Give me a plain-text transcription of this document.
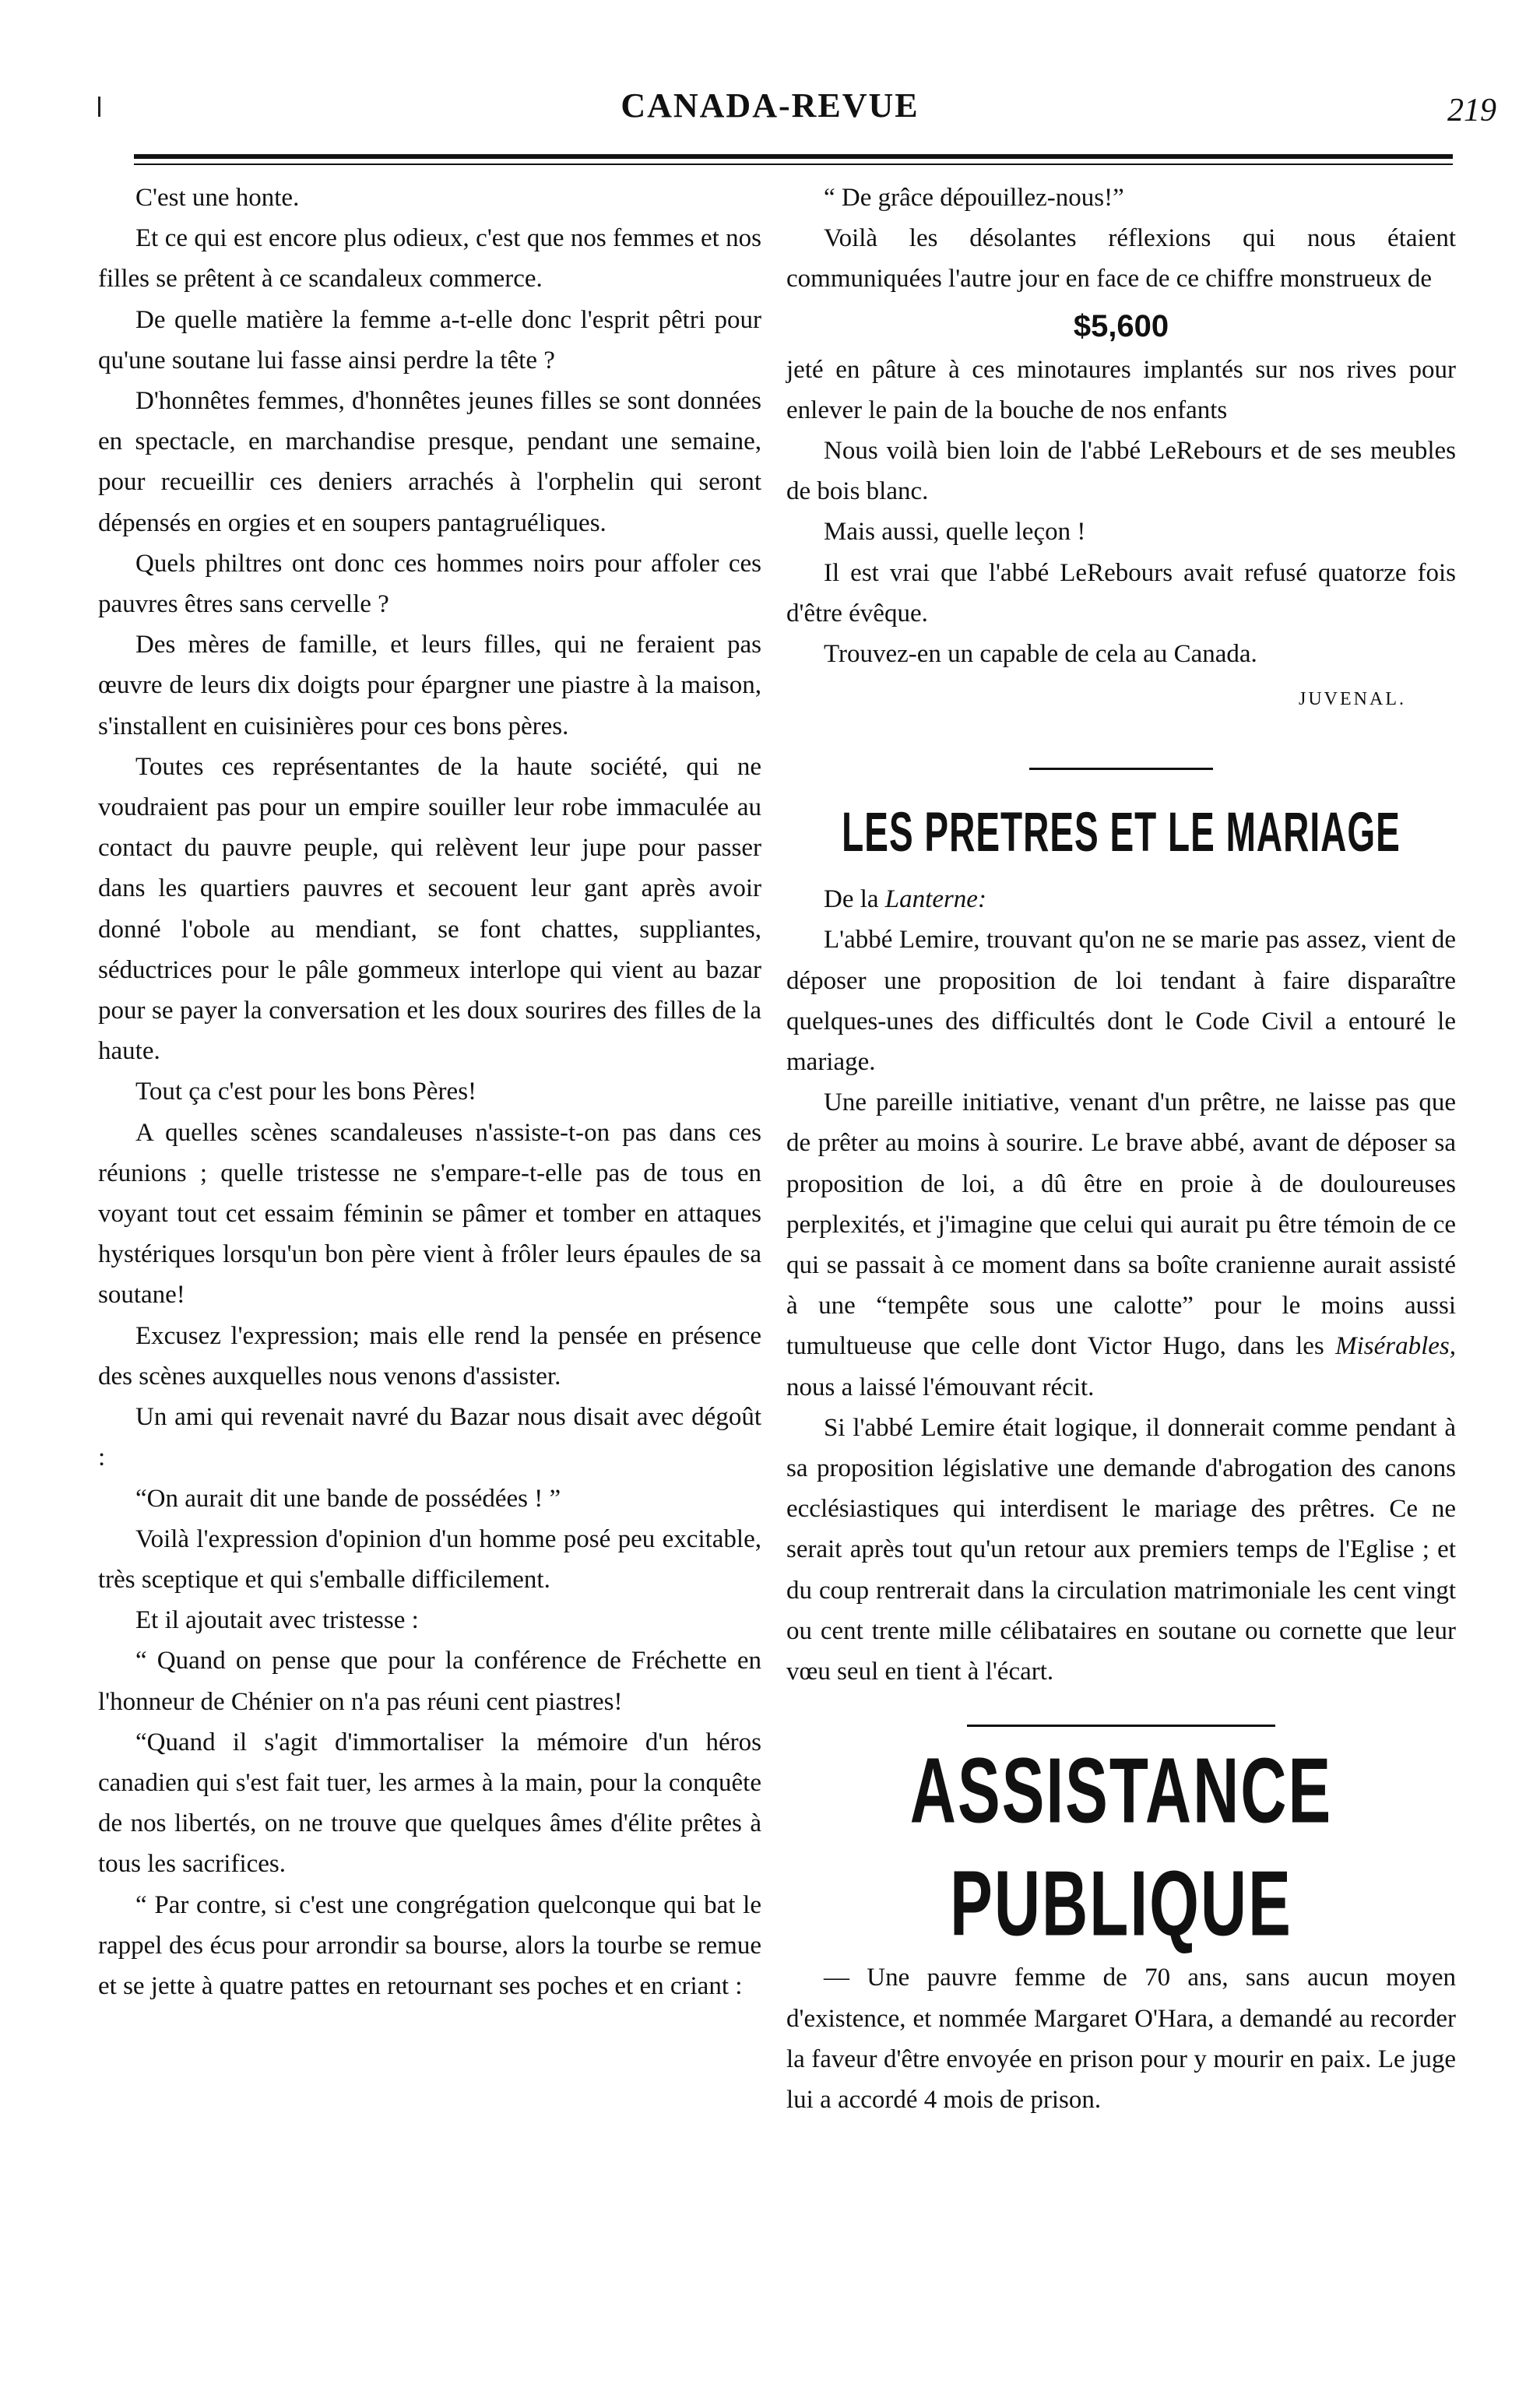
CANADA-REVUE	219

C'est une honte.

Et ce qui est encore plus odieux, c'est que nos femmes et nos filles se prêtent à ce scandaleux commerce.

De quelle matière la femme a-t-elle donc l'esprit pêtri pour qu'une soutane lui fasse ainsi perdre la tête ?

D'honnêtes femmes, d'honnêtes jeunes filles se sont données en spectacle, en marchandise presque, pendant une semaine, pour recueillir ces deniers arrachés à l'orphelin qui seront dépensés en orgies et en soupers pantagruéliques.

Quels philtres ont donc ces hommes noirs pour affoler ces pauvres êtres sans cervelle ?

Des mères de famille, et leurs filles, qui ne feraient pas œuvre de leurs dix doigts pour épargner une piastre à la maison, s'installent en cuisinières pour ces bons pères.

Toutes ces représentantes de la haute société, qui ne voudraient pas pour un empire souiller leur robe immaculée au contact du pauvre peuple, qui relèvent leur jupe pour passer dans les quartiers pauvres et secouent leur gant après avoir donné l'obole au mendiant, se font chattes, suppliantes, séductrices pour le pâle gommeux interlope qui vient au bazar pour se payer la conversation et les doux sourires des filles de la haute.

Tout ça c'est pour les bons Pères!

A quelles scènes scandaleuses n'assiste-t-on pas dans ces réunions ; quelle tristesse ne s'empare-t-elle pas de tous en voyant tout cet essaim féminin se pâmer et tomber en attaques hystériques lorsqu'un bon père vient à frôler leurs épaules de sa soutane!

Excusez l'expression; mais elle rend la pensée en présence des scènes auxquelles nous venons d'assister.

Un ami qui revenait navré du Bazar nous disait avec dégoût :

“On aurait dit une bande de possédées ! ”

Voilà l'expression d'opinion d'un homme posé peu excitable, très sceptique et qui s'emballe difficilement.

Et il ajoutait avec tristesse :

“ Quand on pense que pour la conférence de Fréchette en l'honneur de Chénier on n'a pas réuni cent piastres!

“Quand il s'agit d'immortaliser la mémoire d'un héros canadien qui s'est fait tuer, les armes à la main, pour la conquête de nos libertés, on ne trouve que quelques âmes d'élite prêtes à tous les sacrifices.

“ Par contre, si c'est une congrégation quelconque qui bat le rappel des écus pour arrondir sa bourse, alors la tourbe se remue et se jette à quatre pattes en retournant ses poches et en criant :

“ De grâce dépouillez-nous!”

Voilà les désolantes réflexions qui nous étaient communiquées l'autre jour en face de ce chiffre monstrueux de

$5,600

jeté en pâture à ces minotaures implantés sur nos rives pour enlever le pain de la bouche de nos enfants

Nous voilà bien loin de l'abbé LeRebours et de ses meubles de bois blanc.

Mais aussi, quelle leçon !

Il est vrai que l'abbé LeRebours avait refusé quatorze fois d'être évêque.

Trouvez-en un capable de cela au Canada.

JUVENAL.
LES PRETRES ET LE MARIAGE

De la Lanterne:

L'abbé Lemire, trouvant qu'on ne se marie pas assez, vient de déposer une proposition de loi tendant à faire disparaître quelques-unes des difficultés dont le Code Civil a entouré le mariage.

Une pareille initiative, venant d'un prêtre, ne laisse pas que de prêter au moins à sourire. Le brave abbé, avant de déposer sa proposition de loi, a dû être en proie à de douloureuses perplexités, et j'imagine que celui qui aurait pu être témoin de ce qui se passait à ce moment dans sa boîte cranienne aurait assisté à une “tempête sous une calotte” pour le moins aussi tumultueuse que celle dont Victor Hugo, dans les Misérables, nous a laissé l'émouvant récit.

Si l'abbé Lemire était logique, il donnerait comme pendant à sa proposition législative une demande d'abrogation des canons ecclésiastiques qui interdisent le mariage des prêtres. Ce ne serait après tout qu'un retour aux premiers temps de l'Eglise ; et du coup rentrerait dans la circulation matrimoniale les cent vingt ou cent trente mille célibataires en soutane ou cornette que leur vœu seul en tient à l'écart.

ASSISTANCE PUBLIQUE

— Une pauvre femme de 70 ans, sans aucun moyen d'existence, et nommée Margaret O'Hara, a demandé au recorder la faveur d'être envoyée en prison pour y mourir en paix. Le juge lui a accordé 4 mois de prison.
